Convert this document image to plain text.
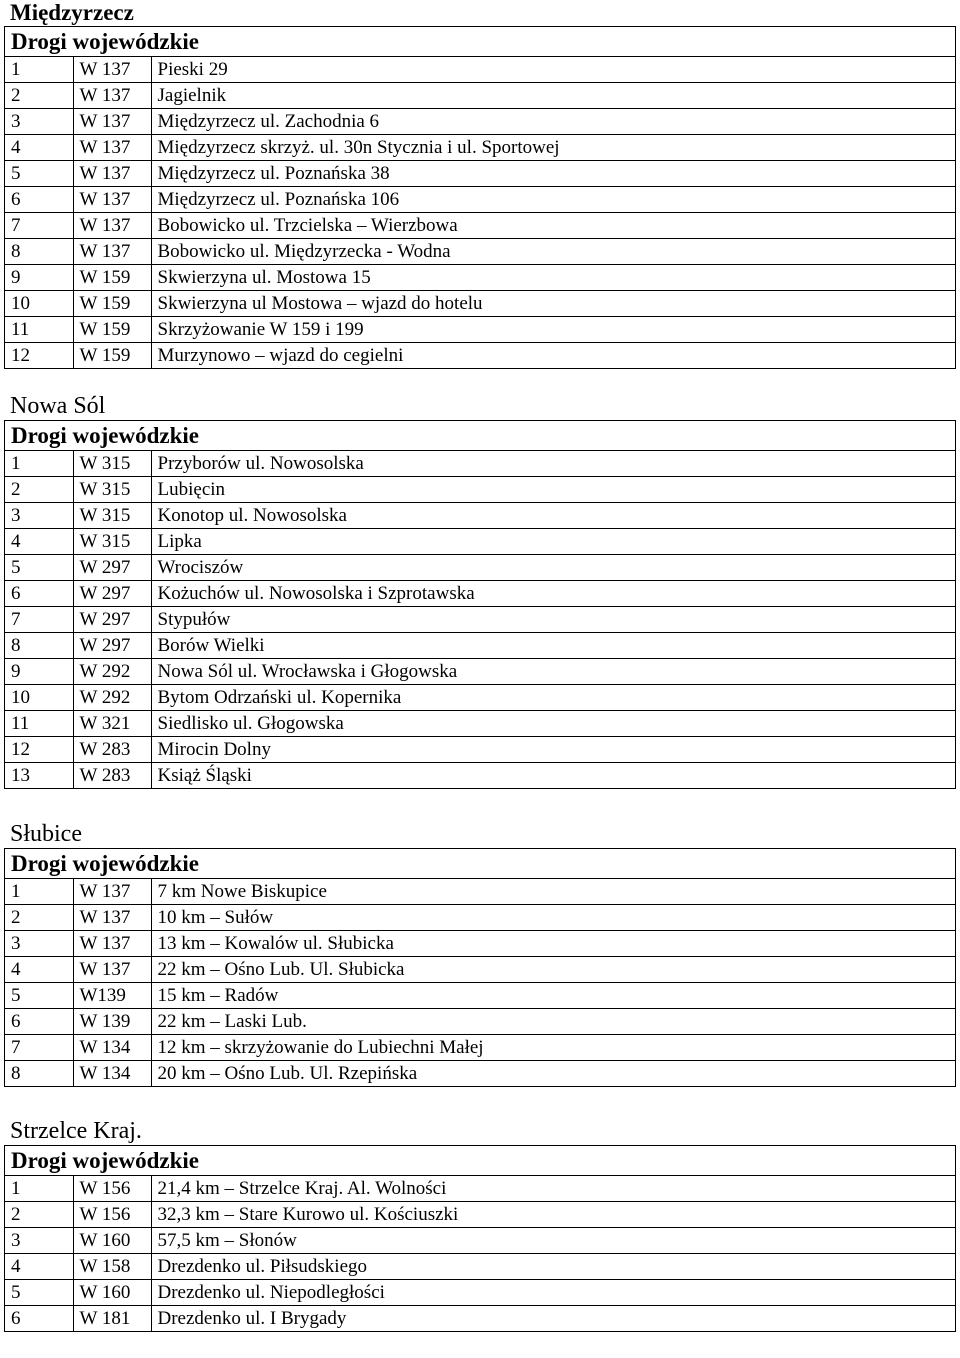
Międzyrzecz
Drogi wojewódzkie
1	W 137	Pieski 29
2	W 137	Jagielnik
3	W 137	Międzyrzecz ul. Zachodnia 6
4	W 137	Międzyrzecz skrzyż. ul. 30n Stycznia i ul. Sportowej
5	W 137	Międzyrzecz ul. Poznańska 38
6	W 137	Międzyrzecz ul. Poznańska 106
7	W 137	Bobowicko ul. Trzcielska – Wierzbowa
8	W 137	Bobowicko ul. Międzyrzecka - Wodna
9	W 159	Skwierzyna ul. Mostowa 15
10	W 159	Skwierzyna ul Mostowa – wjazd do hotelu
11	W 159	Skrzyżowanie W 159 i 199
12	W 159	Murzynowo – wjazd do cegielni
Nowa Sól
Drogi wojewódzkie
1	W 315	Przyborów ul. Nowosolska
2	W 315	Lubięcin
3	W 315	Konotop ul. Nowosolska
4	W 315	Lipka
5	W 297	Wrociszów
6	W 297	Kożuchów ul. Nowosolska i Szprotawska
7	W 297	Stypułów
8	W 297	Borów Wielki
9	W 292	Nowa Sól ul. Wrocławska i Głogowska
10	W 292	Bytom Odrzański ul. Kopernika
11	W 321	Siedlisko ul. Głogowska
12	W 283	Mirocin Dolny
13	W 283	Książ Śląski
Słubice
Drogi wojewódzkie
1	W 137	7 km Nowe Biskupice
2	W 137	10 km – Sułów
3	W 137	13 km – Kowalów ul. Słubicka
4	W 137	22 km – Ośno Lub. Ul. Słubicka
5	W139	15 km – Radów
6	W 139	22 km – Laski Lub.
7	W 134	12 km – skrzyżowanie do Lubiechni Małej
8	W 134	20 km – Ośno Lub. Ul. Rzepińska
Strzelce Kraj.
Drogi wojewódzkie
1	W 156	21,4 km – Strzelce Kraj. Al. Wolności
2	W 156	32,3 km – Stare Kurowo ul. Kościuszki
3	W 160	57,5 km – Słonów
4	W 158	Drezdenko ul. Piłsudskiego
5	W 160	Drezdenko ul. Niepodległości
6	W 181	Drezdenko ul. I Brygady
